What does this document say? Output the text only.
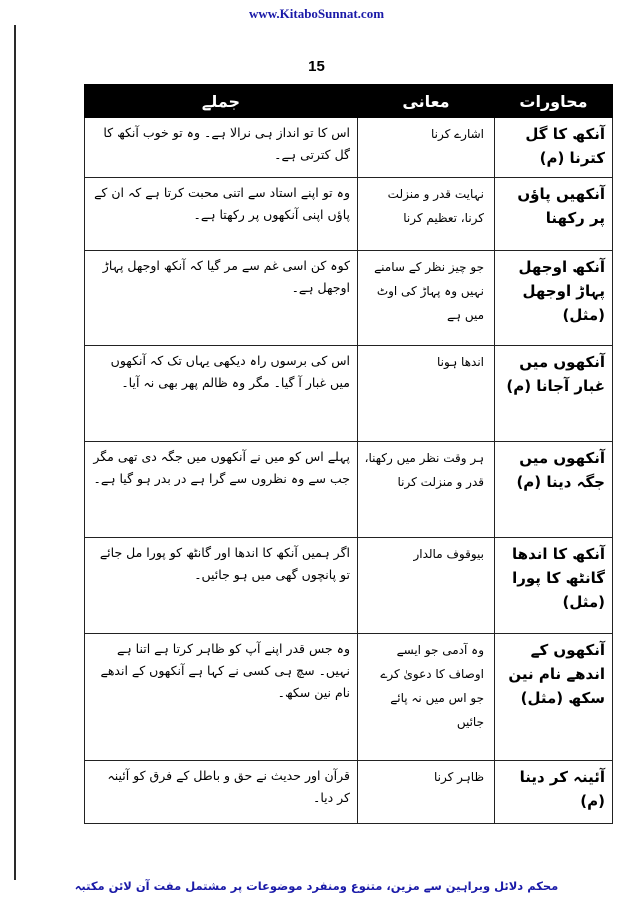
www.KitaboSunnat.com
15
محاورات	معانی	جملے
آنکھ کا گل کترنا (م)	اشارے کرنا	اس کا تو انداز ہی نرالا ہے۔ وہ تو خوب آنکھ کا گل کترتی ہے۔
آنکھیں پاؤں پر رکھنا	نہایت قدر و منزلت کرنا، تعظیم کرنا	وہ تو اپنے استاد سے اتنی محبت کرتا ہے کہ ان کے پاؤں اپنی آنکھوں پر رکھتا ہے۔
آنکھ اوجھل پہاڑ اوجھل (مثل)	جو چیز نظر کے سامنے نہیں وہ پہاڑ کی اوٹ میں ہے	کوہ کن اسی غم سے مر گیا کہ آنکھ اوجھل پہاڑ اوجھل ہے۔
آنکھوں میں غبار آجانا (م)	اندھا ہونا	اس کی برسوں راہ دیکھی یہاں تک کہ آنکھوں میں غبار آ گیا۔ مگر وہ ظالم پھر بھی نہ آیا۔
آنکھوں میں جگہ دینا (م)	ہر وقت نظر میں رکھنا، قدر و منزلت کرنا	پہلے اس کو میں نے آنکھوں میں جگہ دی تھی مگر جب سے وہ نظروں سے گرا ہے در بدر ہو گیا ہے۔
آنکھ کا اندھا گانٹھ کا پورا (مثل)	بیوقوف مالدار	اگر ہمیں آنکھ کا اندھا اور گانٹھ کو پورا مل جائے تو پانچوں گھی میں ہو جائیں۔
آنکھوں کے اندھے نام نین سکھ (مثل)	وہ آدمی جو ایسے اوصاف کا دعویٰ کرے جو اس میں نہ پائے جائیں	وہ جس قدر اپنے آپ کو ظاہر کرتا ہے اتنا ہے نہیں۔ سچ ہی کسی نے کہا ہے آنکھوں کے اندھے نام نین سکھ۔
آئینہ کر دینا (م)	ظاہر کرنا	قرآن اور حدیث نے حق و باطل کے فرق کو آئینہ کر دیا۔
محکم دلائل وبراہین سے مزین، متنوع ومنفرد موضوعات پر مشتمل مفت آن لائن مکتبہ
